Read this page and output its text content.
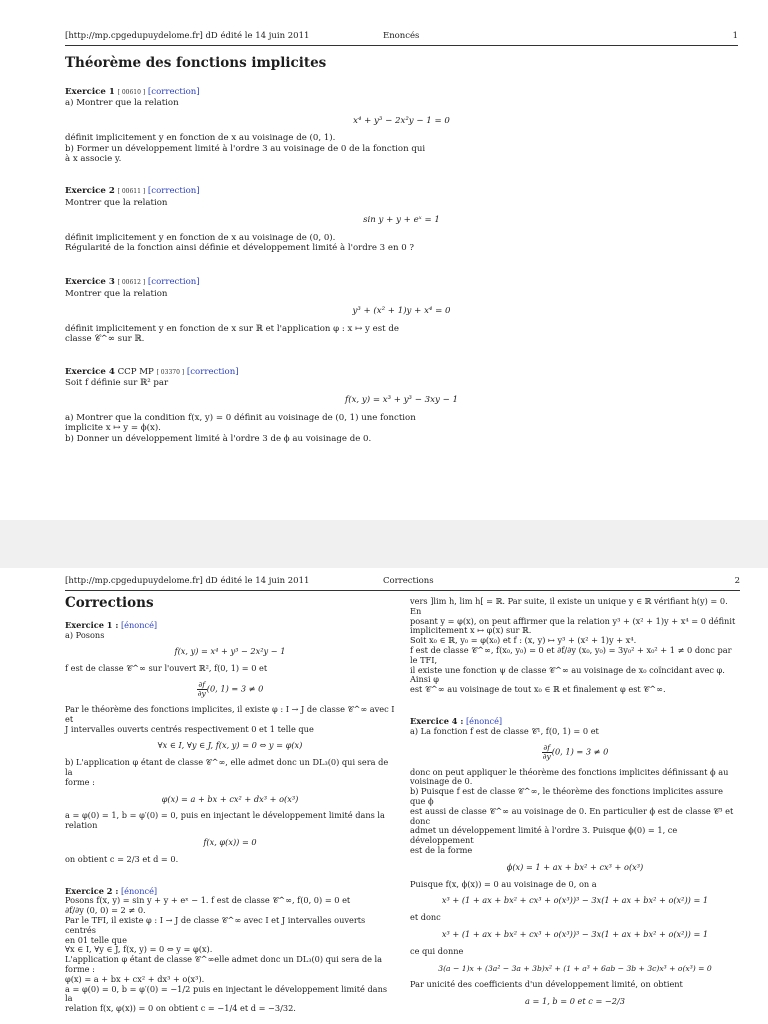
[http://mp.cpgedupuydelome.fr] dD édité le 14 juin 2011	Enoncés	1
Théorème des fonctions implicites

Exercice 1 [ 00610 ] [correction]

a) Montrer que la relation

x⁴ + y³ − 2x²y − 1 = 0

définit implicitement y en fonction de x au voisinage de (0, 1).

b) Former un développement limité à l'ordre 3 au voisinage de 0 de la fonction qui

à x associe y.

Exercice 2 [ 00611 ] [correction]

Montrer que la relation

sin y + y + eˣ = 1

définit implicitement y en fonction de x au voisinage de (0, 0).

Régularité de la fonction ainsi définie et développement limité à l'ordre 3 en 0 ?

Exercice 3 [ 00612 ] [correction]

Montrer que la relation

y³ + (x² + 1)y + x⁴ = 0

définit implicitement y en fonction de x sur ℝ et l'application φ : x ↦ y est de

classe 𝒞^∞ sur ℝ.

Exercice 4 CCP MP [ 03370 ] [correction]

Soit f définie sur ℝ² par

f(x, y) = x³ + y³ − 3xy − 1

a) Montrer que la condition f(x, y) = 0 définit au voisinage de (0, 1) une fonction

implicite x ↦ y = ϕ(x).

b) Donner un développement limité à l'ordre 3 de ϕ au voisinage de 0.

[http://mp.cpgedupuydelome.fr] dD édité le 14 juin 2011	Corrections	2
Corrections

Exercice 1 : [énoncé]

a) Posons

f(x, y) = x⁴ + y³ − 2x²y − 1

f est de classe 𝒞^∞ sur l'ouvert ℝ², f(0, 1) = 0 et

$\frac{\partial f}{\partial y} (0$, 1) = 3 ≠ 0

Par le théorème des fonctions implicites, il existe φ : I → J de classe 𝒞^∞ avec I et

J intervalles ouverts centrés respectivement 0 et 1 telle que

∀x ∈ I, ∀y ∈ J, f(x, y) = 0 ⇔ y = φ(x)

b) L'application φ étant de classe 𝒞^∞, elle admet donc un DL₃(0) qui sera de la

forme :

φ(x) = a + bx + cx² + dx³ + o(x³)

a = φ(0) = 1, b = φ′(0) = 0, puis en injectant le développement limité dans la

relation

f(x, φ(x)) = 0

on obtient c = 2/3 et d = 0.

Exercice 2 : [énoncé]

Posons f(x, y) = sin y + y + eˣ − 1. f est de classe 𝒞^∞, f(0, 0) = 0 et

∂f/∂y (0, 0) = 2 ≠ 0.

Par le TFI, il existe φ : I → J de classe 𝒞^∞ avec I et J intervalles ouverts centrés

en 01 telle que

∀x ∈ I, ∀y ∈ J, f(x, y) = 0 ⇔ y = φ(x).

L'application φ étant de classe 𝒞^∞elle admet donc un DL₃(0) qui sera de la

forme :

φ(x) = a + bx + cx² + dx³ + o(x³).

a = φ(0) = 0, b = φ′(0) = −1/2 puis en injectant le développement limité dans la

relation f(x, φ(x)) = 0 on obtient c = −1/4 et d = −3/32.

vers ]lim h, lim h[ = ℝ. Par suite, il existe un unique y ∈ ℝ vérifiant h(y) = 0. En

posant y = φ(x), on peut affirmer que la relation y³ + (x² + 1)y + x⁴ = 0 définit

implicitement x ↦ φ(x) sur ℝ.

Soit x₀ ∈ ℝ, y₀ = φ(x₀) et f : (x, y) ↦ y³ + (x² + 1)y + x⁴.

f est de classe 𝒞^∞, f(x₀, y₀) = 0 et ∂f/∂y (x₀, y₀) = 3y₀² + x₀² + 1 ≠ 0 donc par le TFI,

il existe une fonction ψ de classe 𝒞^∞ au voisinage de x₀ coïncidant avec φ. Ainsi φ

est 𝒞^∞ au voisinage de tout x₀ ∈ ℝ et finalement φ est 𝒞^∞.

Exercice 4 : [énoncé]

a) La fonction f est de classe 𝒞¹, f(0, 1) = 0 et

$\frac{\partial f}{\partial y} (0$, 1) = 3 ≠ 0

donc on peut appliquer le théorème des fonctions implicites définissant ϕ au

voisinage de 0.

b) Puisque f est de classe 𝒞^∞, le théorème des fonctions implicites assure que ϕ

est aussi de classe 𝒞^∞ au voisinage de 0. En particulier ϕ est de classe 𝒞³ et donc

admet un développement limité à l'ordre 3. Puisque ϕ(0) = 1, ce développement

est de la forme

ϕ(x) = 1 + ax + bx² + cx³ + o(x³)

Puisque f(x, ϕ(x)) = 0 au voisinage de 0, on a

x³ + (1 + ax + bx² + cx³ + o(x³))³ − 3x(1 + ax + bx² + o(x²)) = 1

et donc

x³ + (1 + ax + bx² + cx³ + o(x³))³ − 3x(1 + ax + bx² + o(x²)) = 1

ce qui donne

3(a − 1)x + (3a² − 3a + 3b)x² + (1 + a³ + 6ab − 3b + 3c)x³ + o(x³) = 0

Par unicité des coefficients d'un développement limité, on obtient

a = 1, b = 0 et c = −2/3
